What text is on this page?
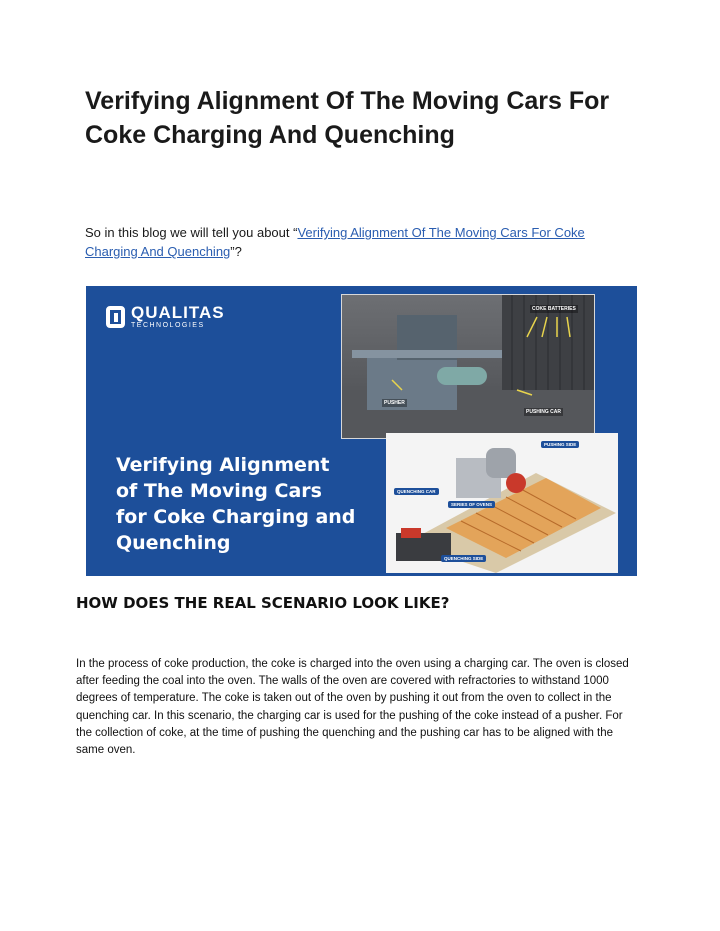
Verifying Alignment Of The Moving Cars For Coke Charging And Quenching

So in this blog we will tell you about “Verifying Alignment Of The Moving Cars For Coke Charging And Quenching”?

QUALITAS
TECHNOLOGIES
Verifying Alignment of The Moving Cars for Coke Charging and Quenching
COKE BATTERIES
PUSHER
PUSHING CAR
PUSHING SIDE
QUENCHING CAR
SERIES OF OVENS
QUENCHING SIDE
HOW DOES THE REAL SCENARIO LOOK LIKE?

In the process of coke production, the coke is charged into the oven using a charging car. The oven is closed after feeding the coal into the oven. The walls of the oven are covered with refractories to withstand 1000 degrees of temperature. The coke is taken out of the oven by pushing it out from the oven to collect in the quenching car. In this scenario, the charging car is used for the pushing of the coke instead of a pusher. For the collection of coke, at the time of pushing the quenching and the pushing car has to be aligned with the same oven.
